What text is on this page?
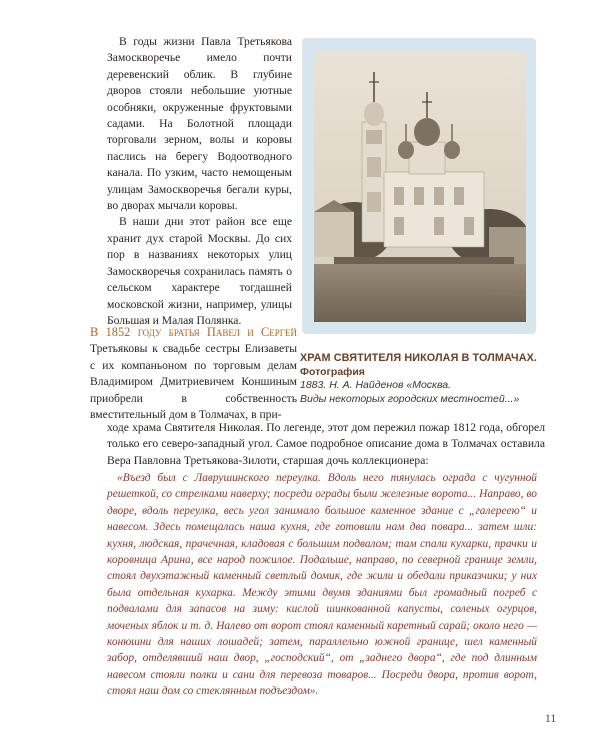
В годы жизни Павла Третьякова Замоскворечье имело почти деревенский облик. В глубине дворов стояли небольшие уютные особняки, окруженные фруктовыми садами. На Болотной площади торговали зерном, волы и коровы паслись на берегу Водоотводного канала. По узким, часто немощеным улицам Замоскворечья бегали куры, во дворах мычали коровы.

В наши дни этот район все еще хранит дух старой Москвы. До сих пор в названиях некоторых улиц Замоскворечья сохранилась память о сельском характере тогдашней московской жизни, например, улицы Большая и Малая Полянка.

ХРАМ СВЯТИТЕЛЯ НИКОЛАЯ В ТОЛМАЧАХ.
Фотография
1883. Н. А. Найденов «Москва.
Виды некоторых городских местностей...»

В 1852 году братья Павел и Сергей Третьяковы к свадьбе сестры Елизаветы с их компаньоном по торговым делам Владимиром Дмитриевичем Коншиным приобрели в собственность вместительный дом в Толмачах, в при-

ходе храма Святителя Николая. По легенде, этот дом пережил пожар 1812 года, обгорел только его северо-западный угол. Самое подробное описание дома в Толмачах оставила Вера Павловна Третьякова-Зилоти, старшая дочь коллекционера:

«Въезд был с Лаврушинского переулка. Вдоль него тянулась ограда с чугунной решеткой, со стрелками наверху; посреди ограды были железные ворота... Направо, во дворе, вдоль переулка, весь угол занимало большое каменное здание с „галереею“ и навесом. Здесь помещалась наша кухня, где готовили нам два повара... затем шли: кухня, людская, прачечная, кладовая с большим подвалом; там спали кухарки, прачки и коровница Арина, все народ пожилое. Подальше, направо, по северной границе земли, стоял двухэтажный каменный светлый домик, где жили и обедали приказчики; у них была отдельная кухарка. Между этими двумя зданиями был громадный погреб с подвалами для запасов на зиму: кислой шинкованной капусты, соленых огурцов, моченых яблок и т. д. Налево от ворот стоял каменный каретный сарай; около него — конюшни для наших лошадей; затем, параллельно южной границе, шел каменный забор, отделявший наш двор, „господский“, от „заднего двора“, где под длинным навесом стояли полки и сани для перевоза товаров... Посреди двора, против ворот, стоял наш дом со стеклянным подъездом».

11
